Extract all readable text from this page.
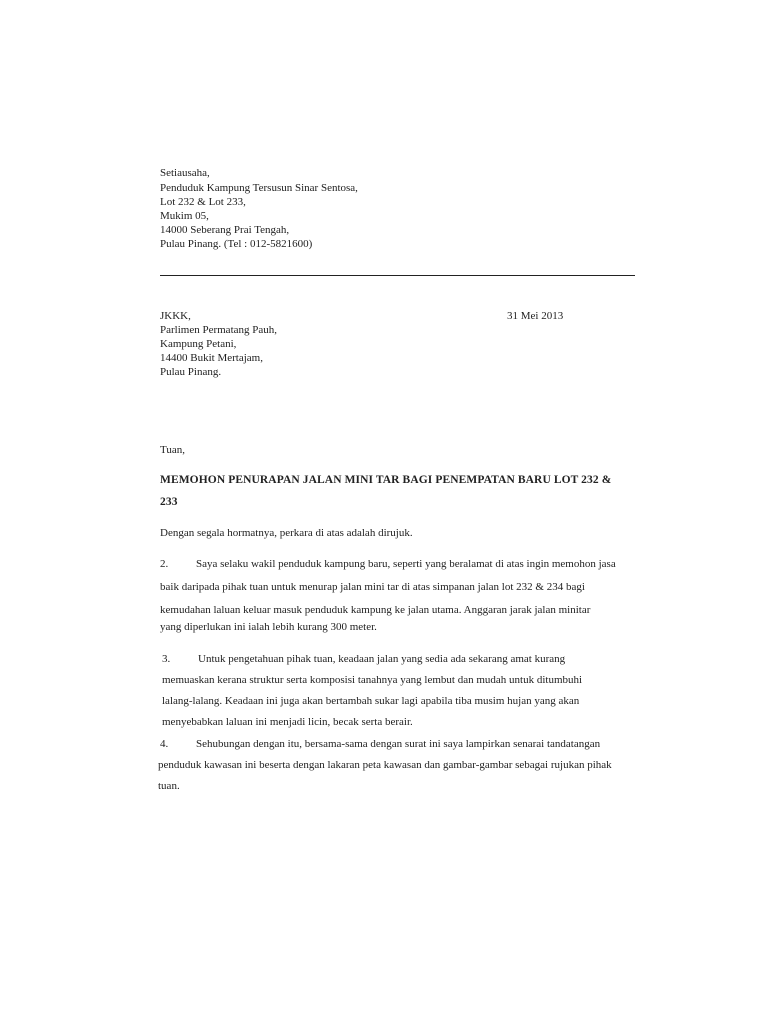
Setiausaha,
Penduduk Kampung Tersusun Sinar Sentosa,
Lot 232 & Lot 233,
Mukim 05,
14000 Seberang Prai Tengah,
Pulau Pinang. (Tel : 012-5821600)
JKKK,	31 Mei 2013
Parlimen Permatang Pauh,
Kampung Petani,
14400 Bukit Mertajam,
Pulau Pinang.
Tuan,
MEMOHON PENURAPAN JALAN MINI TAR BAGI PENEMPATAN BARU LOT 232 &
233
Dengan segala hormatnya, perkara di atas adalah dirujuk.
2.	Saya selaku wakil penduduk kampung baru, seperti yang beralamat di atas ingin memohon jasa
baik daripada pihak tuan untuk menurap jalan mini tar di atas simpanan jalan lot 232 & 234 bagi
kemudahan laluan keluar masuk penduduk kampung ke jalan utama. Anggaran jarak jalan minitar
yang diperlukan ini ialah lebih kurang 300 meter.
3.	Untuk pengetahuan pihak tuan, keadaan jalan yang sedia ada sekarang amat kurang
memuaskan kerana struktur serta komposisi tanahnya yang lembut dan mudah untuk ditumbuhi
lalang-lalang. Keadaan ini juga akan bertambah sukar lagi apabila tiba musim hujan yang akan
menyebabkan laluan ini menjadi licin, becak serta berair.
4.	Sehubungan dengan itu, bersama-sama dengan surat ini saya lampirkan senarai tandatangan
penduduk kawasan ini beserta dengan lakaran peta kawasan dan gambar-gambar sebagai rujukan pihak
tuan.
